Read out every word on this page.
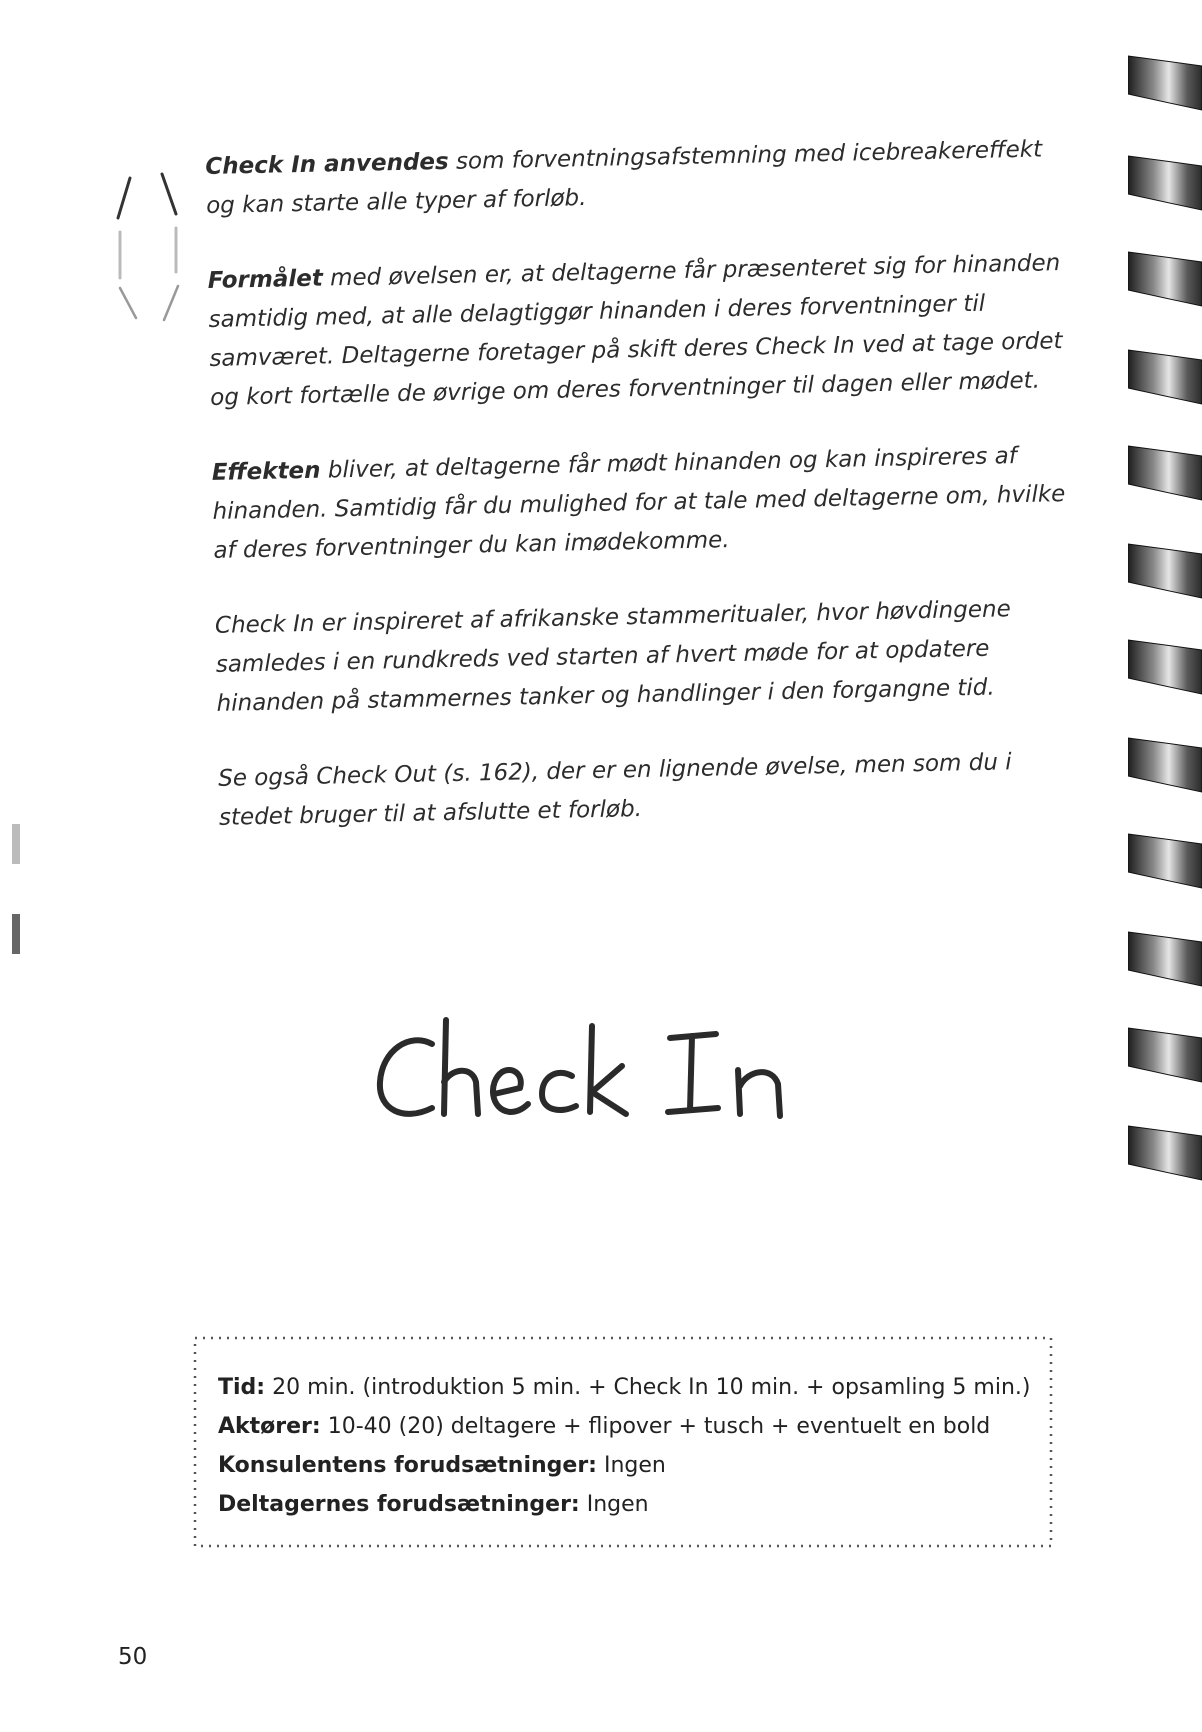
Check In anvendes som forventningsafstemning med icebreakereffekt og kan starte alle typer af forløb.

Formålet med øvelsen er, at deltagerne får præsenteret sig for hinanden samtidig med, at alle delagtiggør hinanden i deres forventninger til samværet. Deltagerne foretager på skift deres Check In ved at tage ordet og kort fortælle de øvrige om deres forventninger til dagen eller mødet.

Effekten bliver, at deltagerne får mødt hinanden og kan inspireres af hinanden. Samtidig får du mulighed for at tale med deltagerne om, hvilke af deres forventninger du kan imødekomme.

Check In er inspireret af afrikanske stammeritualer, hvor høvdingene samledes i en rundkreds ved starten af hvert møde for at opdatere hinanden på stammernes tanker og handlinger i den forgangne tid.

Se også Check Out (s. 162), der er en lignende øvelse, men som du i stedet bruger til at afslutte et forløb.

Tid: 20 min. (introduktion 5 min. + Check In 10 min. + opsamling 5 min.)
Aktører: 10-40 (20) deltagere + flipover + tusch + eventuelt en bold
Konsulentens forudsætninger: Ingen
Deltagernes forudsætninger: Ingen
50
